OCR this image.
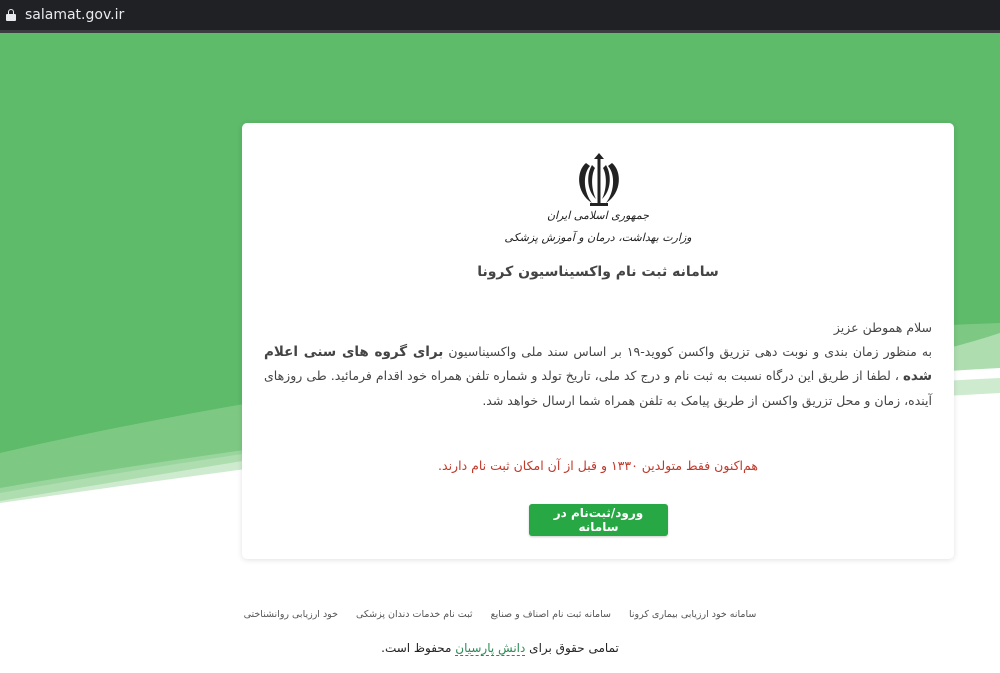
salamat.gov.ir
جمهوری اسلامی ایران
وزارت بهداشت، درمان و آموزش پزشکی
سامانه ثبت نام واکسیناسیون کرونا

سلام هموطن عزیز

به منظور زمان بندی و نوبت دهی تزریق واکسن کووید-۱۹ بر اساس سند ملی واکسیناسیون برای گروه های سنی اعلام شده ، لطفا از طریق این درگاه نسبت به ثبت نام و درج کد ملی، تاریخ تولد و شماره تلفن همراه خود اقدام فرمائید. طی روزهای آینده، زمان و محل تزریق واکسن از طریق پیامک به تلفن همراه شما ارسال خواهد شد.

هم‌اکنون فقط متولدین ۱۳۳۰ و قبل از آن امکان ثبت نام دارند.
ورود/ثبت‌نام در سامانه
سامانه خود ارزیابی بیماری کرونا
سامانه ثبت نام اصناف و صنایع
ثبت نام خدمات دندان پزشکی
خود ارزیابی روانشناختی
تمامی حقوق برای دانش پارسیان محفوظ است.
